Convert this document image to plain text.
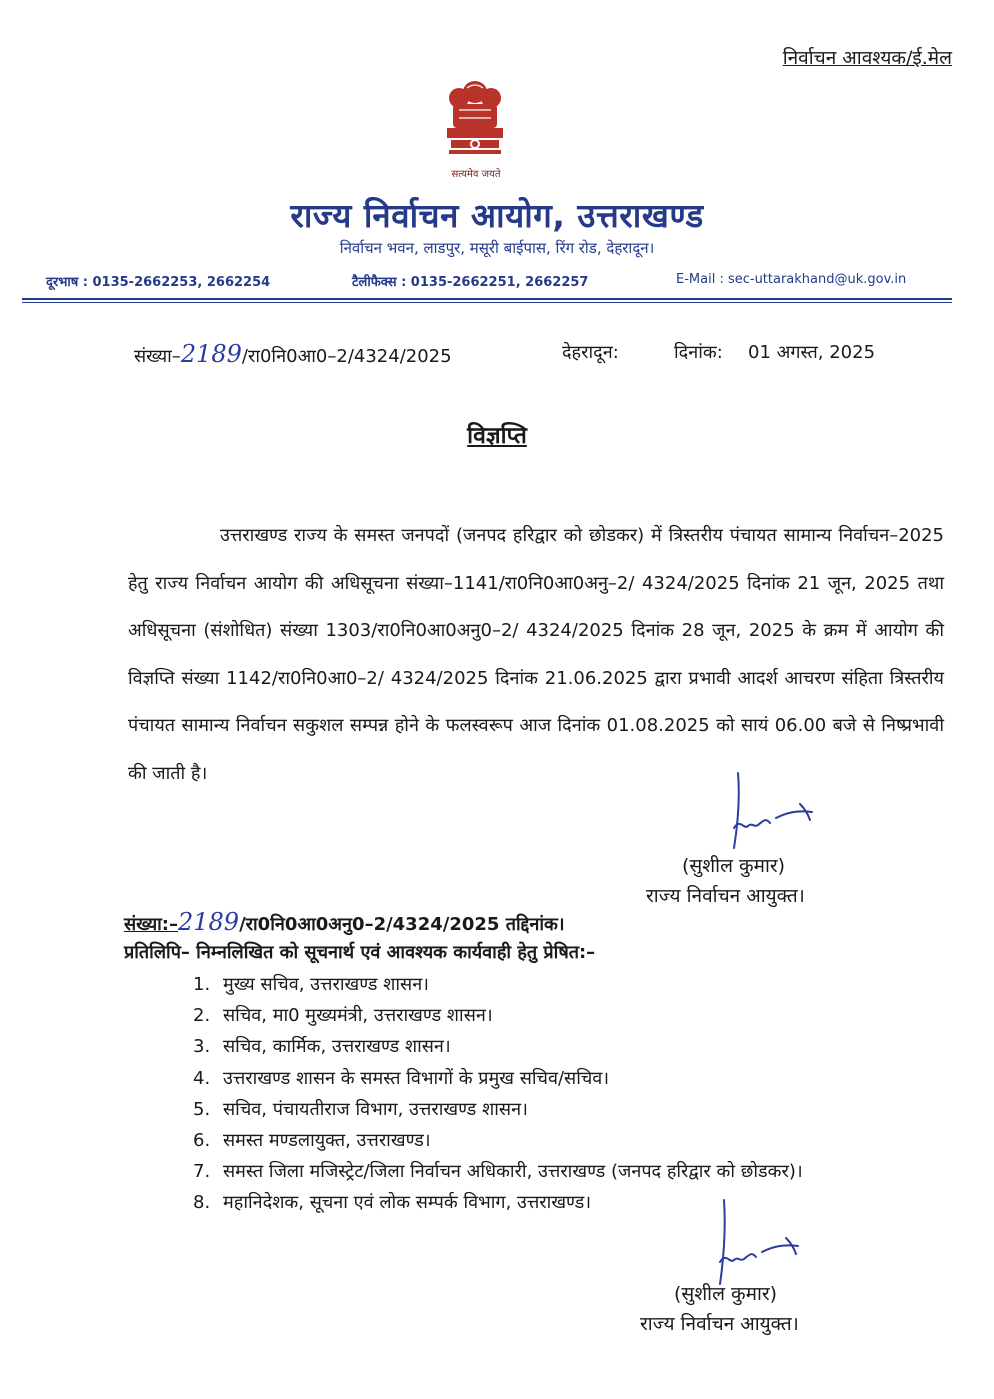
निर्वाचन आवश्यक/ई.मेल
सत्यमेव जयते
राज्य निर्वाचन आयोग, उत्तराखण्ड
निर्वाचन भवन, लाडपुर, मसूरी बाईपास, रिंग रोड, देहरादून।
दूरभाष : 0135-2662253, 2662254	टैलीफैक्स : 0135-2662251, 2662257	E-Mail : sec-uttarakhand@uk.gov.in
संख्या–2189/रा0नि0आ0–2/4324/2025	देहरादून:	दिनांक: 01 अगस्त, 2025
विज्ञप्ति
उत्तराखण्ड राज्य के समस्त जनपदों (जनपद हरिद्वार को छोडकर) में त्रिस्तरीय पंचायत सामान्य निर्वाचन–2025 हेतु राज्य निर्वाचन आयोग की अधिसूचना संख्या–1141/रा0नि0आ0अनु–2/ 4324/2025 दिनांक 21 जून, 2025 तथा अधिसूचना (संशोधित) संख्या 1303/रा0नि0आ0अनु0–2/ 4324/2025 दिनांक 28 जून, 2025 के क्रम में आयोग की विज्ञप्ति संख्या 1142/रा0नि0आ0–2/ 4324/2025 दिनांक 21.06.2025 द्वारा प्रभावी आदर्श आचरण संहिता त्रिस्तरीय पंचायत सामान्य निर्वाचन सकुशल सम्पन्न होने के फलस्वरूप आज दिनांक 01.08.2025 को सायं 06.00 बजे से निष्प्रभावी की जाती है।
(सुशील कुमार)
राज्य निर्वाचन आयुक्त।
संख्या:–2189/रा0नि0आ0अनु0–2/4324/2025 तद्दिनांक।
प्रतिलिपि– निम्नलिखित को सूचनार्थ एवं आवश्यक कार्यवाही हेतु प्रेषित:–
1. मुख्य सचिव, उत्तराखण्ड शासन।
2. सचिव, मा0 मुख्यमंत्री, उत्तराखण्ड शासन।
3. सचिव, कार्मिक, उत्तराखण्ड शासन।
4. उत्तराखण्ड शासन के समस्त विभागों के प्रमुख सचिव/सचिव।
5. सचिव, पंचायतीराज विभाग, उत्तराखण्ड शासन।
6. समस्त मण्डलायुक्त, उत्तराखण्ड।
7. समस्त जिला मजिस्ट्रेट/जिला निर्वाचन अधिकारी, उत्तराखण्ड (जनपद हरिद्वार को छोडकर)।
8. महानिदेशक, सूचना एवं लोक सम्पर्क विभाग, उत्तराखण्ड।
(सुशील कुमार)
राज्य निर्वाचन आयुक्त।
